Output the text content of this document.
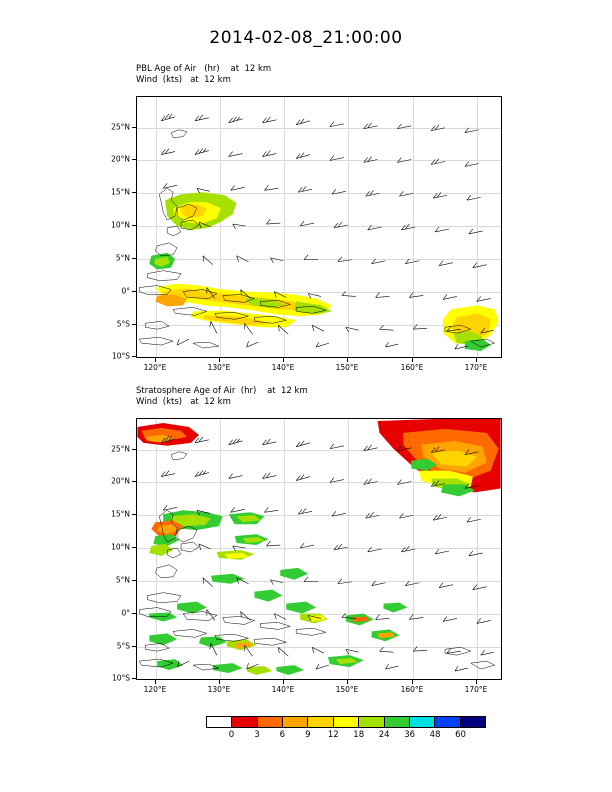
2014-02-08_21:00:00
PBL Age of Air   (hr)    at  12 km
Wind  (kts)   at  12 km
120°E	130°E	140°E	150°E	160°E	170°E
25°N
20°N
15°N
10°N
5°N
0°
5°S
10°S
Stratosphere Age of Air  (hr)    at  12 km
Wind  (kts)   at  12 km
120°E	130°E	140°E	150°E	160°E	170°E
25°N
20°N
15°N
10°N
5°N
0°
5°S
10°S
0 3 6 9 12 18 24 36 48 60
